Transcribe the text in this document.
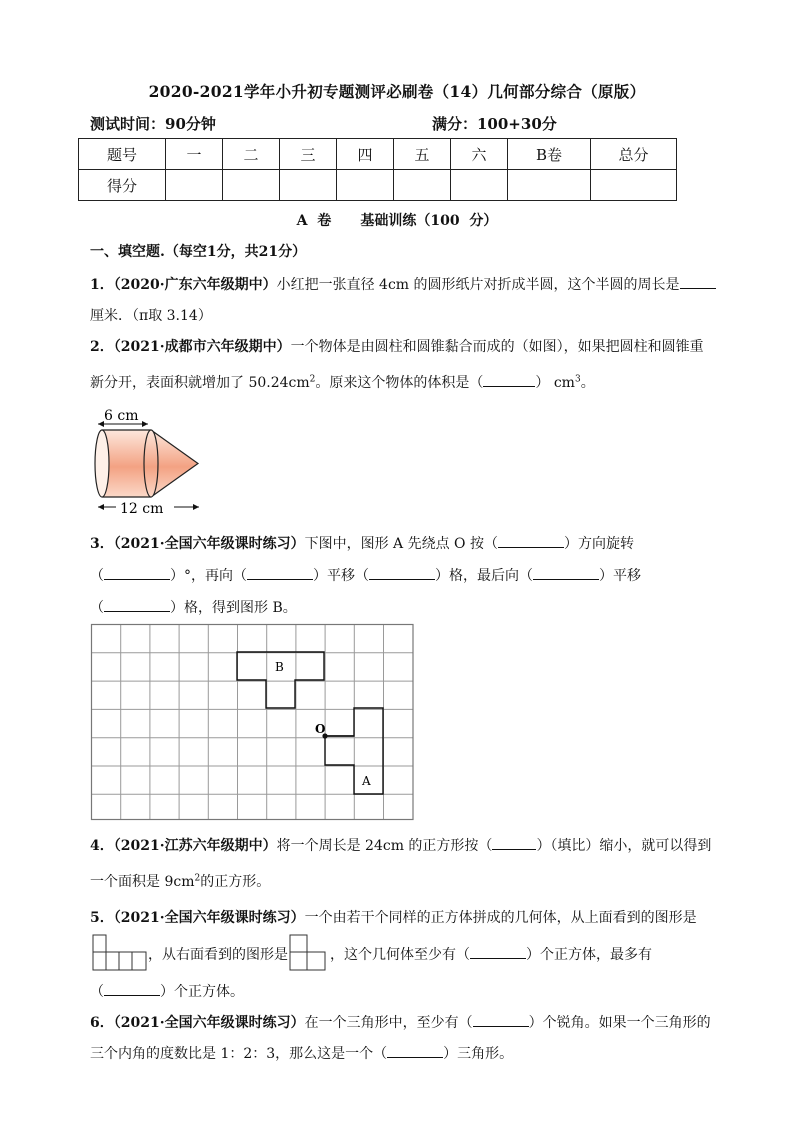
2020-2021学年小升初专题测评必刷卷（14）几何部分综合（原版）
测试时间：90分钟	满分：100+30分
题号	一	二	三	四	五	六	B卷	总分
得分								
A  卷      基础训练（100  分）
一、填空题.（每空1分，共21分）
1．（2020·广东六年级期中）小红把一张直径 4cm 的圆形纸片对折成半圆，这个半圆的周长是
厘米．（π取 3.14）
2．（2021·成都市六年级期中）一个物体是由圆柱和圆锥黏合而成的（如图），如果把圆柱和圆锥重
新分开，表面积就增加了 $50.24cm^2$。原来这个物体的体积是（	） $cm^3$。
6 cm
12 cm
3．（2021·全国六年级课时练习）下图中，图形 A 先绕点 O 按（	）方向旋转
（	）°，再向（	）平移（	）格，最后向（	）平移
（	）格，得到图形 B。
B
A
O
4．（2021·江苏六年级期中）将一个周长是 24cm 的正方形按（	）（填比）缩小，就可以得到
一个面积是 $9cm^2$的正方形。
5．（2021·全国六年级课时练习）一个由若干个同样的正方体拼成的几何体，从上面看到的图形是
，从右面看到的图形是	，这个几何体至少有（	）个正方体，最多有
（	）个正方体。
6．（2021·全国六年级课时练习）在一个三角形中，至少有（	）个锐角。如果一个三角形的
三个内角的度数比是 1：2：3，那么这是一个（	）三角形。
